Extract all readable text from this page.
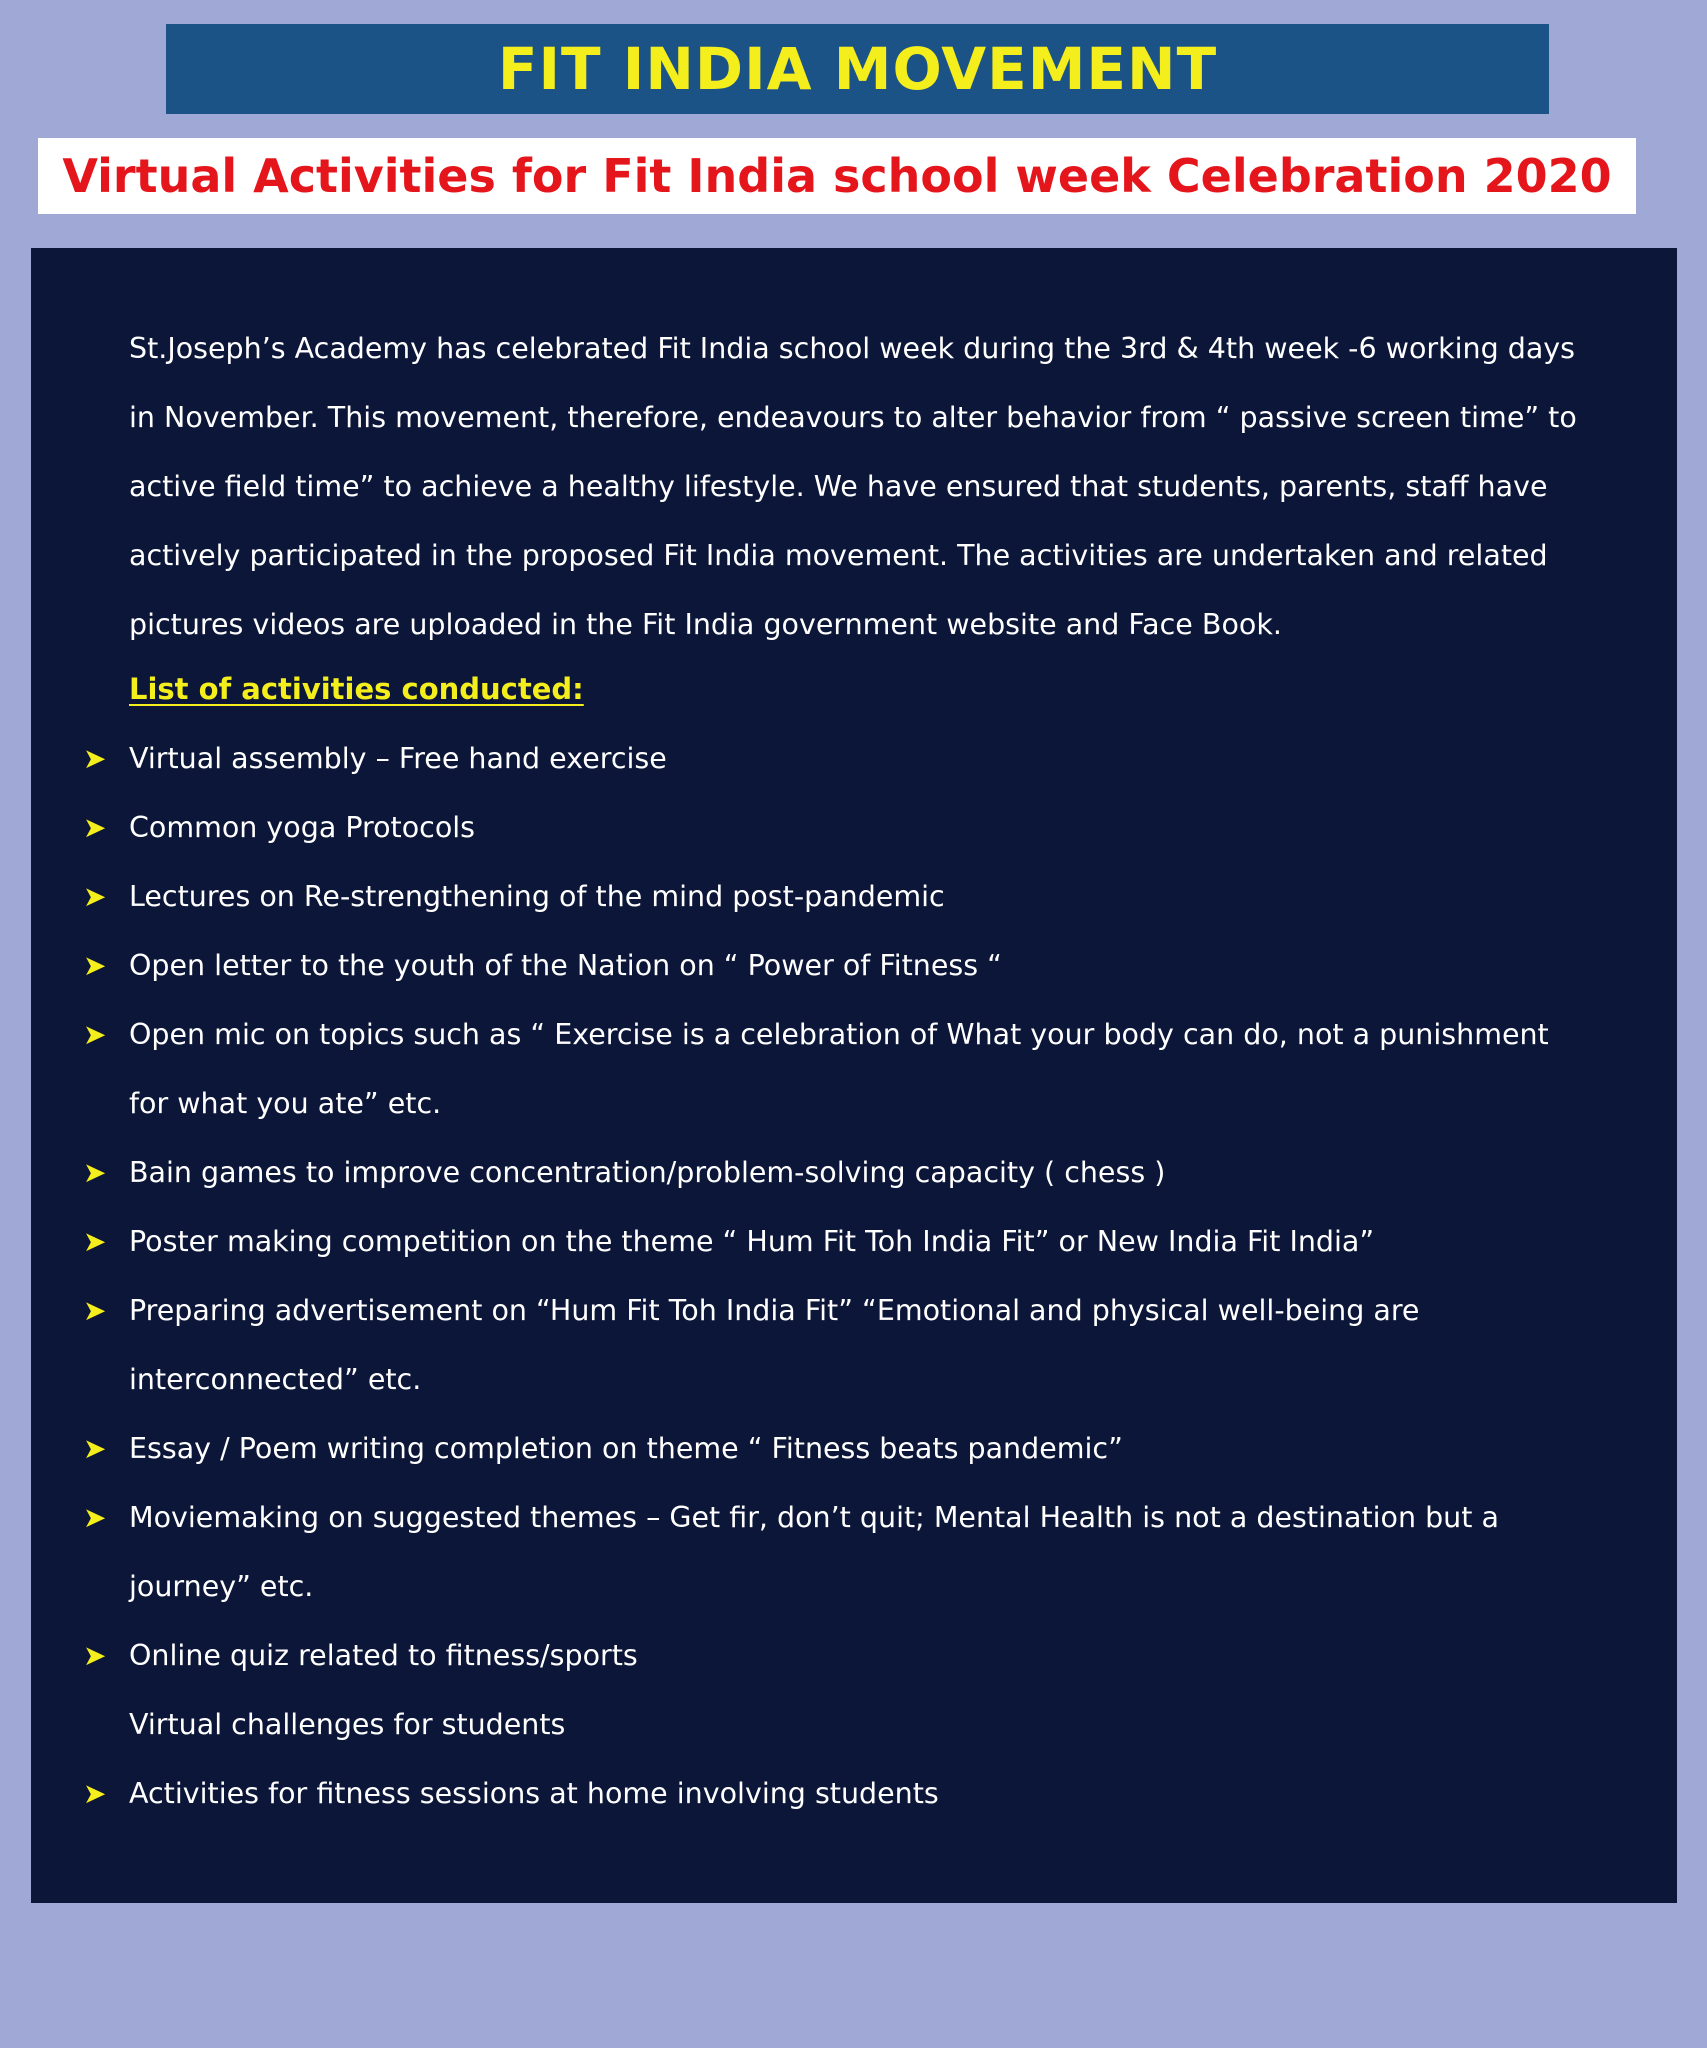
FIT INDIA MOVEMENT
Virtual Activities for Fit India school week Celebration 2020

St.Joseph’s Academy has celebrated Fit India school week during the 3rd & 4th week -6 working days
in November. This movement, therefore, endeavours to alter behavior from “ passive screen time” to
active field time” to achieve a healthy lifestyle. We have ensured that students, parents, staff have
actively participated in the proposed Fit India movement. The activities are undertaken and related
pictures videos are uploaded in the Fit India government website and Face Book.

List of activities conducted:
➤ Virtual assembly – Free hand exercise
➤ Common yoga Protocols
➤ Lectures on Re-strengthening of the mind post-pandemic
➤ Open letter to the youth of the Nation on “ Power of Fitness “
➤ Open mic on topics such as “ Exercise is a celebration of What your body can do, not a punishment
for what you ate” etc.
➤ Bain games to improve concentration/problem-solving capacity ( chess )
➤ Poster making competition on the theme “ Hum Fit Toh India Fit” or New India Fit India”
➤ Preparing advertisement on “Hum Fit Toh India Fit” “Emotional and physical well-being are
interconnected” etc.
➤ Essay / Poem writing completion on theme “ Fitness beats pandemic”
➤ Moviemaking on suggested themes – Get fir, don’t quit; Mental Health is not a destination but a
journey” etc.
➤ Online quiz related to fitness/sports
Virtual challenges for students
➤ Activities for fitness sessions at home involving students
